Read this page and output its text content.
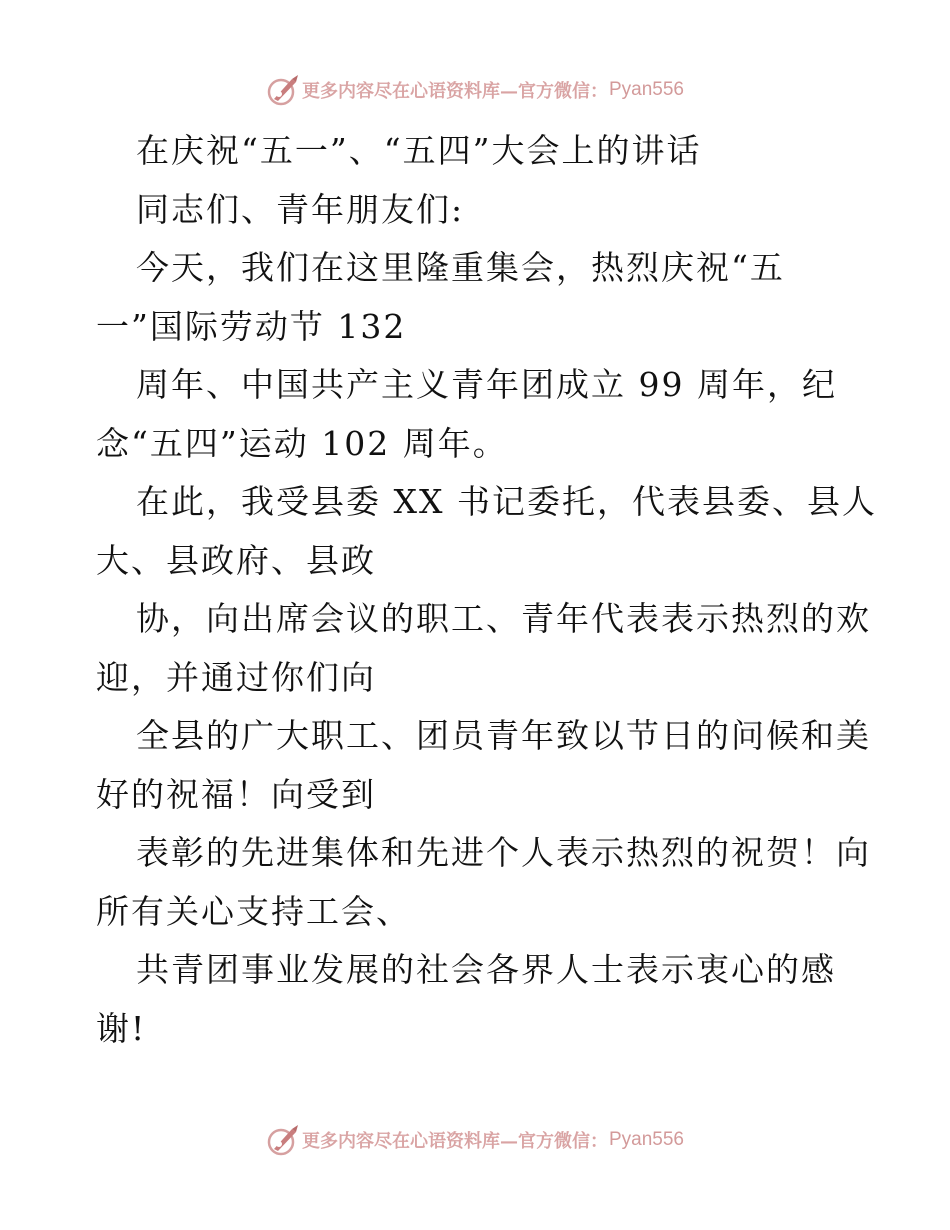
更多内容尽在心语资料库—官方微信： Pyan556
在庆祝“五一”、“五四”大会上的讲话
同志们、青年朋友们:
今天，我们在这里隆重集会，热烈庆祝“五
一”国际劳动节 132
周年、中国共产主义青年团成立 99 周年，纪
念“五四”运动 102 周年。
在此，我受县委 XX 书记委托，代表县委、县人
大、县政府、县政
协，向出席会议的职工、青年代表表示热烈的欢
迎，并通过你们向
全县的广大职工、团员青年致以节日的问候和美
好的祝福！向受到
表彰的先进集体和先进个人表示热烈的祝贺！向
所有关心支持工会、
共青团事业发展的社会各界人士表示衷心的感
谢!
更多内容尽在心语资料库—官方微信： Pyan556
